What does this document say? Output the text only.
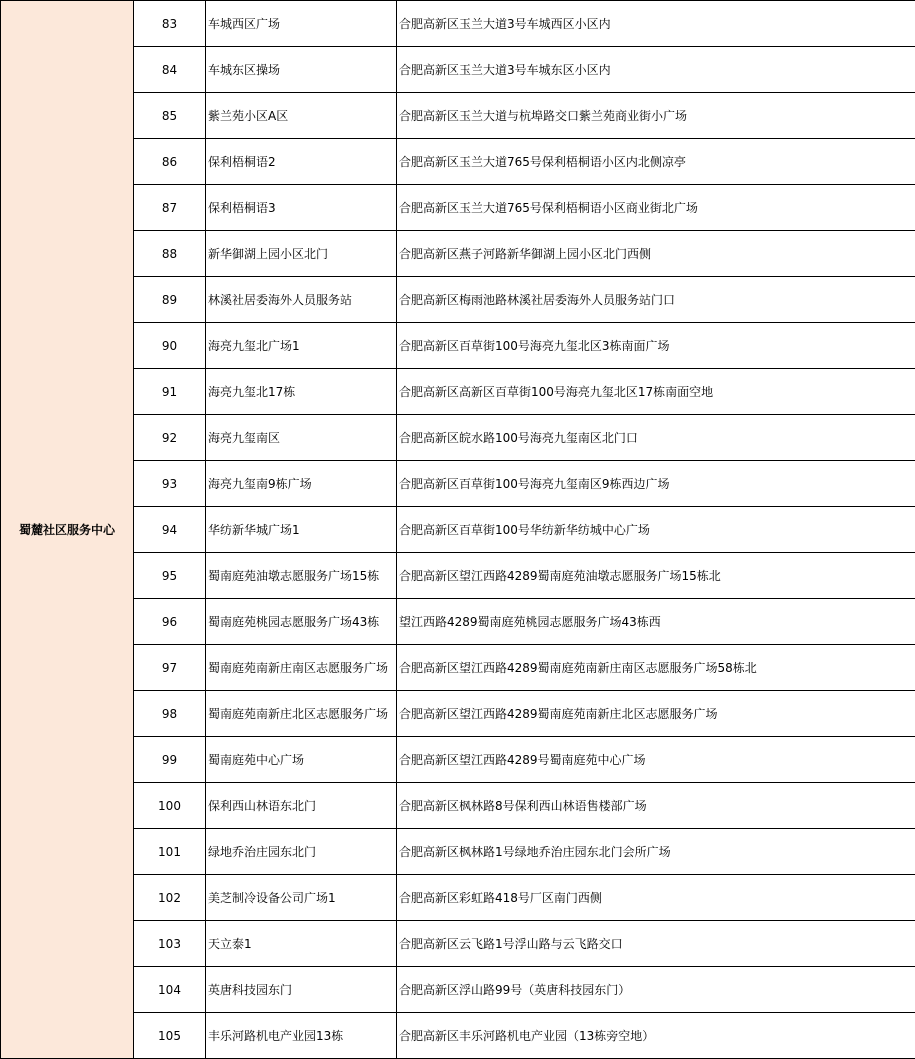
蜀麓社区服务中心	83	车城西区广场	合肥高新区玉兰大道3号车城西区小区内
	84	车城东区操场	合肥高新区玉兰大道3号车城东区小区内
	85	紫兰苑小区A区	合肥高新区玉兰大道与杭埠路交口紫兰苑商业街小广场
	86	保利梧桐语2	合肥高新区玉兰大道765号保利梧桐语小区内北侧凉亭
	87	保利梧桐语3	合肥高新区玉兰大道765号保利梧桐语小区商业街北广场
	88	新华御湖上园小区北门	合肥高新区燕子河路新华御湖上园小区北门西侧
	89	林溪社居委海外人员服务站	合肥高新区梅雨池路林溪社居委海外人员服务站门口
	90	海亮九玺北广场1	合肥高新区百草街100号海亮九玺北区3栋南面广场
	91	海亮九玺北17栋	合肥高新区高新区百草街100号海亮九玺北区17栋南面空地
	92	海亮九玺南区	合肥高新区皖水路100号海亮九玺南区北门口
	93	海亮九玺南9栋广场	合肥高新区百草街100号海亮九玺南区9栋西边广场
	94	华纺新华城广场1	合肥高新区百草街100号华纺新华纺城中心广场
	95	蜀南庭苑油墩志愿服务广场15栋	合肥高新区望江西路4289蜀南庭苑油墩志愿服务广场15栋北
	96	蜀南庭苑桃园志愿服务广场43栋	望江西路4289蜀南庭苑桃园志愿服务广场43栋西
	97	蜀南庭苑南新庄南区志愿服务广场	合肥高新区望江西路4289蜀南庭苑南新庄南区志愿服务广场58栋北
	98	蜀南庭苑南新庄北区志愿服务广场	合肥高新区望江西路4289蜀南庭苑南新庄北区志愿服务广场
	99	蜀南庭苑中心广场	合肥高新区望江西路4289号蜀南庭苑中心广场
	100	保利西山林语东北门	合肥高新区枫林路8号保利西山林语售楼部广场
	101	绿地乔治庄园东北门	合肥高新区枫林路1号绿地乔治庄园东北门会所广场
	102	美芝制冷设备公司广场1	合肥高新区彩虹路418号厂区南门西侧
	103	天立泰1	合肥高新区云飞路1号浮山路与云飞路交口
	104	英唐科技园东门	合肥高新区浮山路99号（英唐科技园东门）
	105	丰乐河路机电产业园13栋	合肥高新区丰乐河路机电产业园（13栋旁空地）
